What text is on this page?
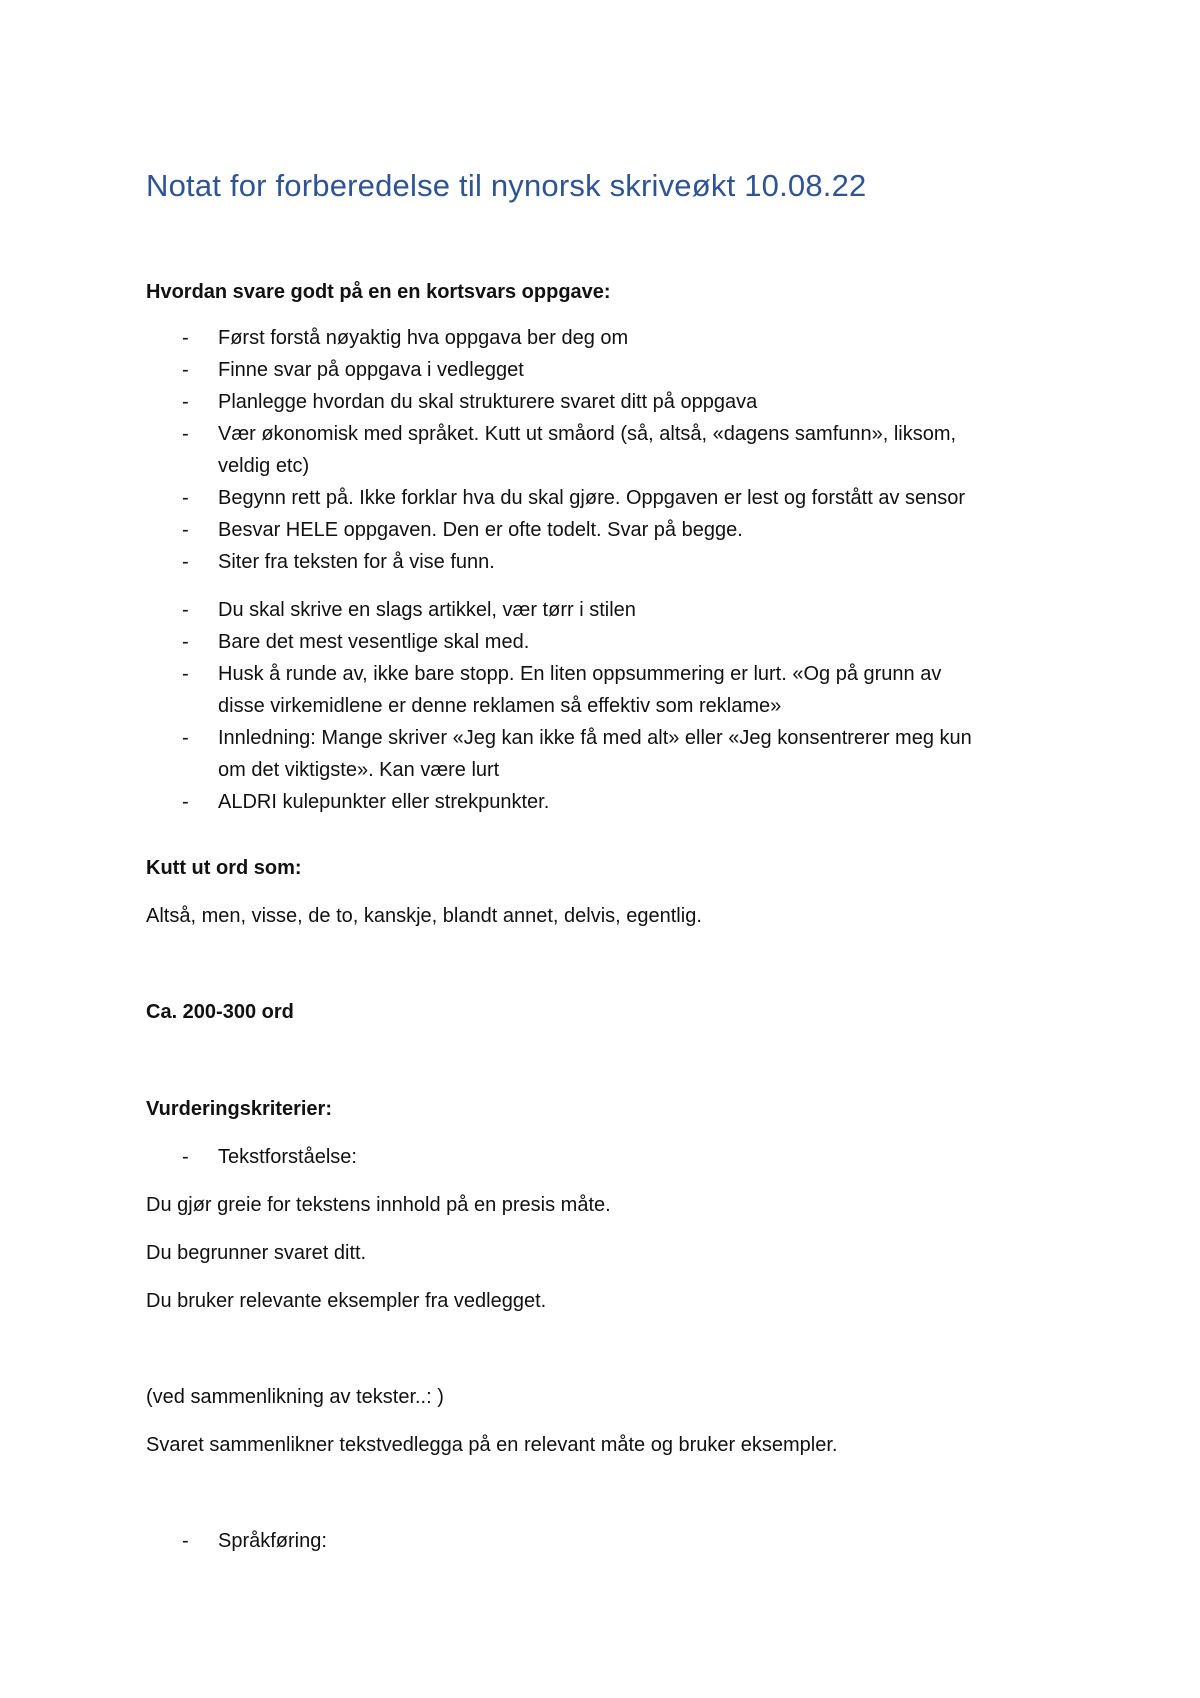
Notat for forberedelse til nynorsk skriveøkt 10.08.22
Hvordan svare godt på en en kortsvars oppgave:
- Først forstå nøyaktig hva oppgava ber deg om
- Finne svar på oppgava i vedlegget
- Planlegge hvordan du skal strukturere svaret ditt på oppgava
- Vær økonomisk med språket. Kutt ut småord (så, altså, «dagens samfunn», liksom,
veldig etc)
- Begynn rett på. Ikke forklar hva du skal gjøre. Oppgaven er lest og forstått av sensor
- Besvar HELE oppgaven. Den er ofte todelt. Svar på begge.
- Siter fra teksten for å vise funn.
- Du skal skrive en slags artikkel, vær tørr i stilen
- Bare det mest vesentlige skal med.
- Husk å runde av, ikke bare stopp. En liten oppsummering er lurt. «Og på grunn av
disse virkemidlene er denne reklamen så effektiv som reklame»
- Innledning: Mange skriver «Jeg kan ikke få med alt» eller «Jeg konsentrerer meg kun
om det viktigste». Kan være lurt
- ALDRI kulepunkter eller strekpunkter.
Kutt ut ord som:
Altså, men, visse, de to, kanskje, blandt annet, delvis, egentlig.
Ca. 200-300 ord
Vurderingskriterier:
- Tekstforståelse:
Du gjør greie for tekstens innhold på en presis måte.
Du begrunner svaret ditt.
Du bruker relevante eksempler fra vedlegget.
(ved sammenlikning av tekster..: )
Svaret sammenlikner tekstvedlegga på en relevant måte og bruker eksempler.
- Språkføring:
